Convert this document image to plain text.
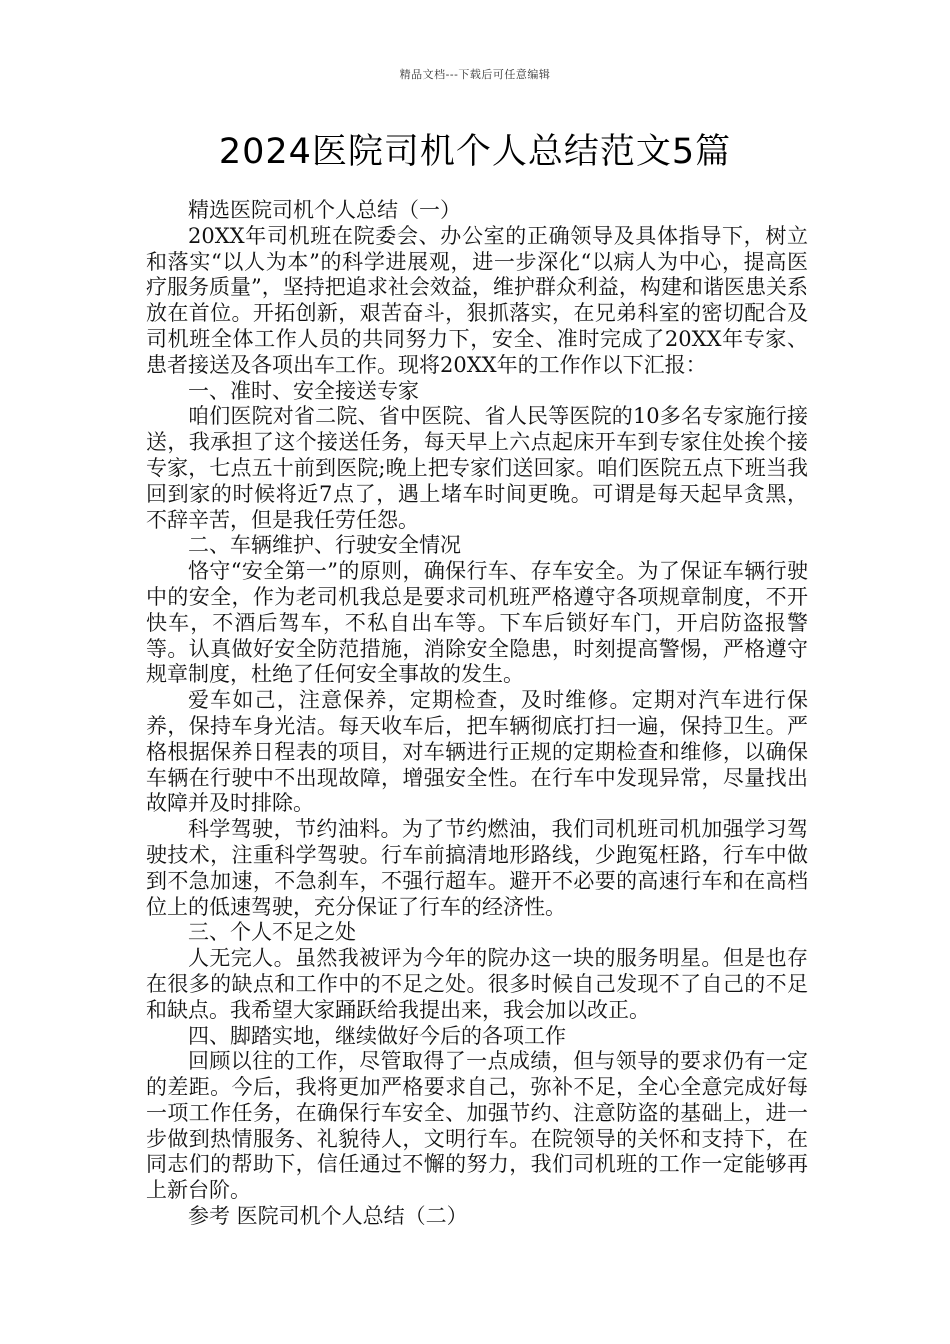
精品文档---下载后可任意编辑
2024医院司机个人总结范文5篇

精选医院司机个人总结（一）

20XX年司机班在院委会、办公室的正确领导及具体指导下，树立和落实“以人为本”的科学进展观，进一步深化“以病人为中心，提高医疗服务质量”，坚持把追求社会效益，维护群众利益，构建和谐医患关系放在首位。开拓创新，艰苦奋斗，狠抓落实，在兄弟科室的密切配合及司机班全体工作人员的共同努力下，安全、准时完成了20XX年专家、患者接送及各项出车工作。现将20XX年的工作作以下汇报：

一、准时、安全接送专家

咱们医院对省二院、省中医院、省人民等医院的10多名专家施行接送，我承担了这个接送任务，每天早上六点起床开车到专家住处挨个接专家，七点五十前到医院;晚上把专家们送回家。咱们医院五点下班当我回到家的时候将近7点了，遇上堵车时间更晚。可谓是每天起早贪黑，不辞辛苦，但是我任劳任怨。

二、车辆维护、行驶安全情况

恪守“安全第一”的原则，确保行车、存车安全。为了保证车辆行驶中的安全，作为老司机我总是要求司机班严格遵守各项规章制度，不开快车，不酒后驾车，不私自出车等。下车后锁好车门，开启防盗报警等。认真做好安全防范措施，消除安全隐患，时刻提高警惕，严格遵守规章制度，杜绝了任何安全事故的发生。

爱车如己，注意保养，定期检查，及时维修。定期对汽车进行保养，保持车身光洁。每天收车后，把车辆彻底打扫一遍，保持卫生。严格根据保养日程表的项目，对车辆进行正规的定期检查和维修，以确保车辆在行驶中不出现故障，增强安全性。在行车中发现异常，尽量找出故障并及时排除。

科学驾驶，节约油料。为了节约燃油，我们司机班司机加强学习驾驶技术，注重科学驾驶。行车前搞清地形路线，少跑冤枉路，行车中做到不急加速，不急刹车，不强行超车。避开不必要的高速行车和在高档位上的低速驾驶，充分保证了行车的经济性。

三、个人不足之处

人无完人。虽然我被评为今年的院办这一块的服务明星。但是也存在很多的缺点和工作中的不足之处。很多时候自己发现不了自己的不足和缺点。我希望大家踊跃给我提出来，我会加以改正。

四、脚踏实地，继续做好今后的各项工作

回顾以往的工作，尽管取得了一点成绩，但与领导的要求仍有一定的差距。今后，我将更加严格要求自己，弥补不足，全心全意完成好每一项工作任务，在确保行车安全、加强节约、注意防盗的基础上，进一步做到热情服务、礼貌待人，文明行车。在院领导的关怀和支持下，在同志们的帮助下，信任通过不懈的努力，我们司机班的工作一定能够再上新台阶。

参考 医院司机个人总结（二）
